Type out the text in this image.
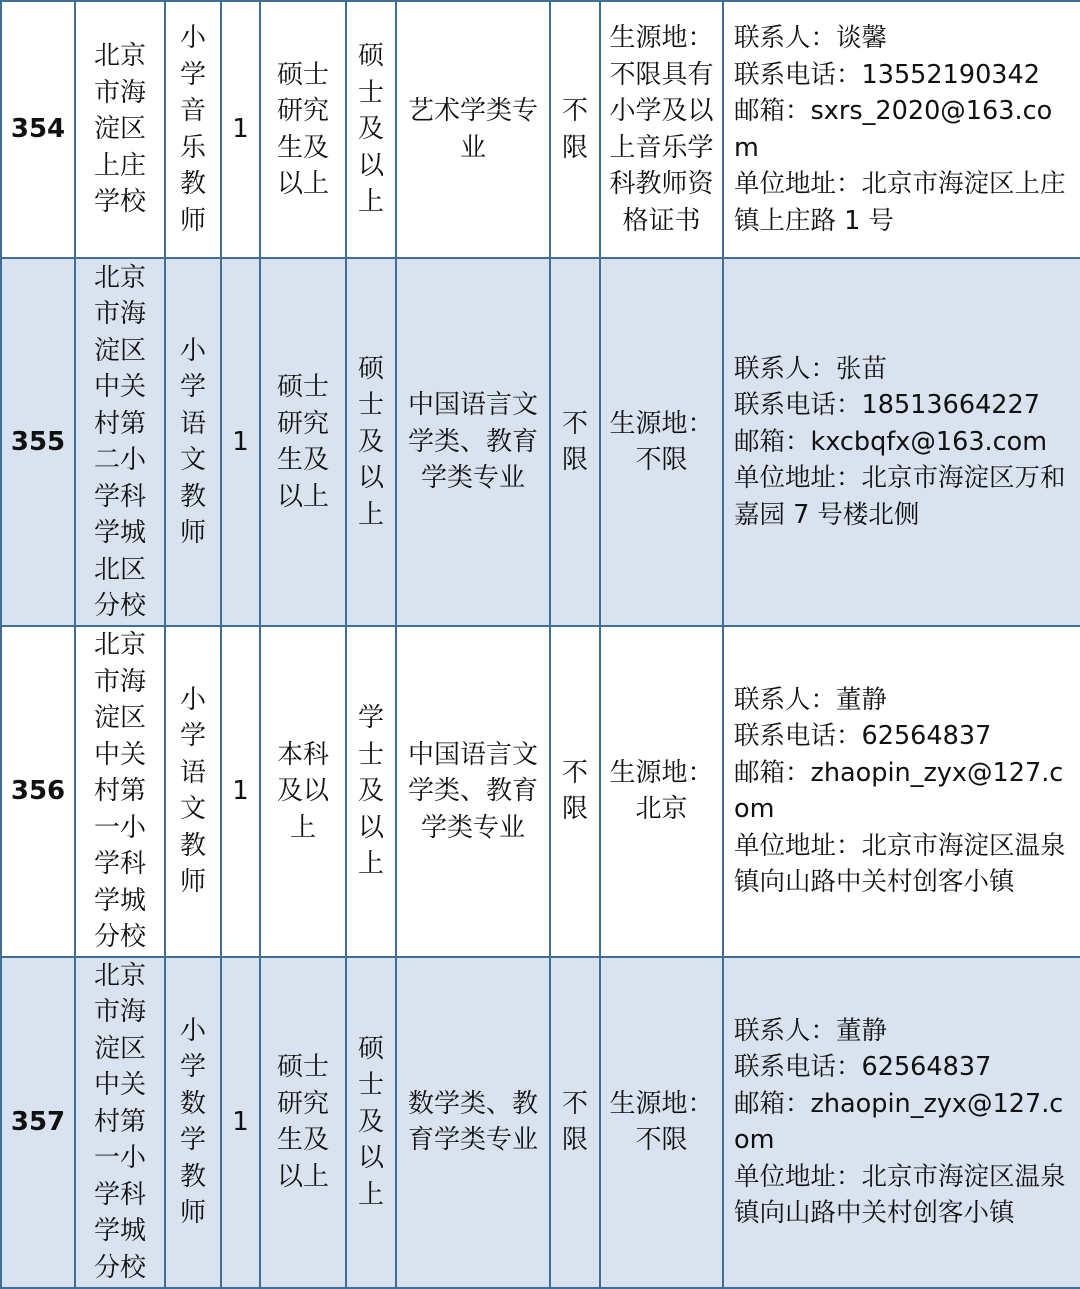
354	北京市海淀区上庄学校	小学音乐教师	1	硕士研究生及以上	硕士及以上	艺术学类专业	不限	生源地：不限具有小学及以上音乐学科教师资格证书	联系人：谈馨
联系电话：13552190342
邮箱：sxrs_2020@163.com
单位地址：北京市海淀区上庄镇上庄路 1 号

355	北京市海淀区中关村第二小学科学城北区分校	小学语文教师	1	硕士研究生及以上	硕士及以上	中国语言文学类、教育学类专业	不限	生源地：不限	联系人：张苗
联系电话：18513664227
邮箱：kxcbqfx@163.com
单位地址：北京市海淀区万和嘉园 7 号楼北侧

356	北京市海淀区中关村第一小学科学城分校	小学语文教师	1	本科及以上	学士及以上	中国语言文学类、教育学类专业	不限	生源地：北京	联系人：董静
联系电话：62564837
邮箱：zhaopin_zyx@127.com
单位地址：北京市海淀区温泉镇向山路中关村创客小镇

357	北京市海淀区中关村第一小学科学城分校	小学数学教师	1	硕士研究生及以上	硕士及以上	数学类、教育学类专业	不限	生源地：不限	联系人：董静
联系电话：62564837
邮箱：zhaopin_zyx@127.com
单位地址：北京市海淀区温泉镇向山路中关村创客小镇
